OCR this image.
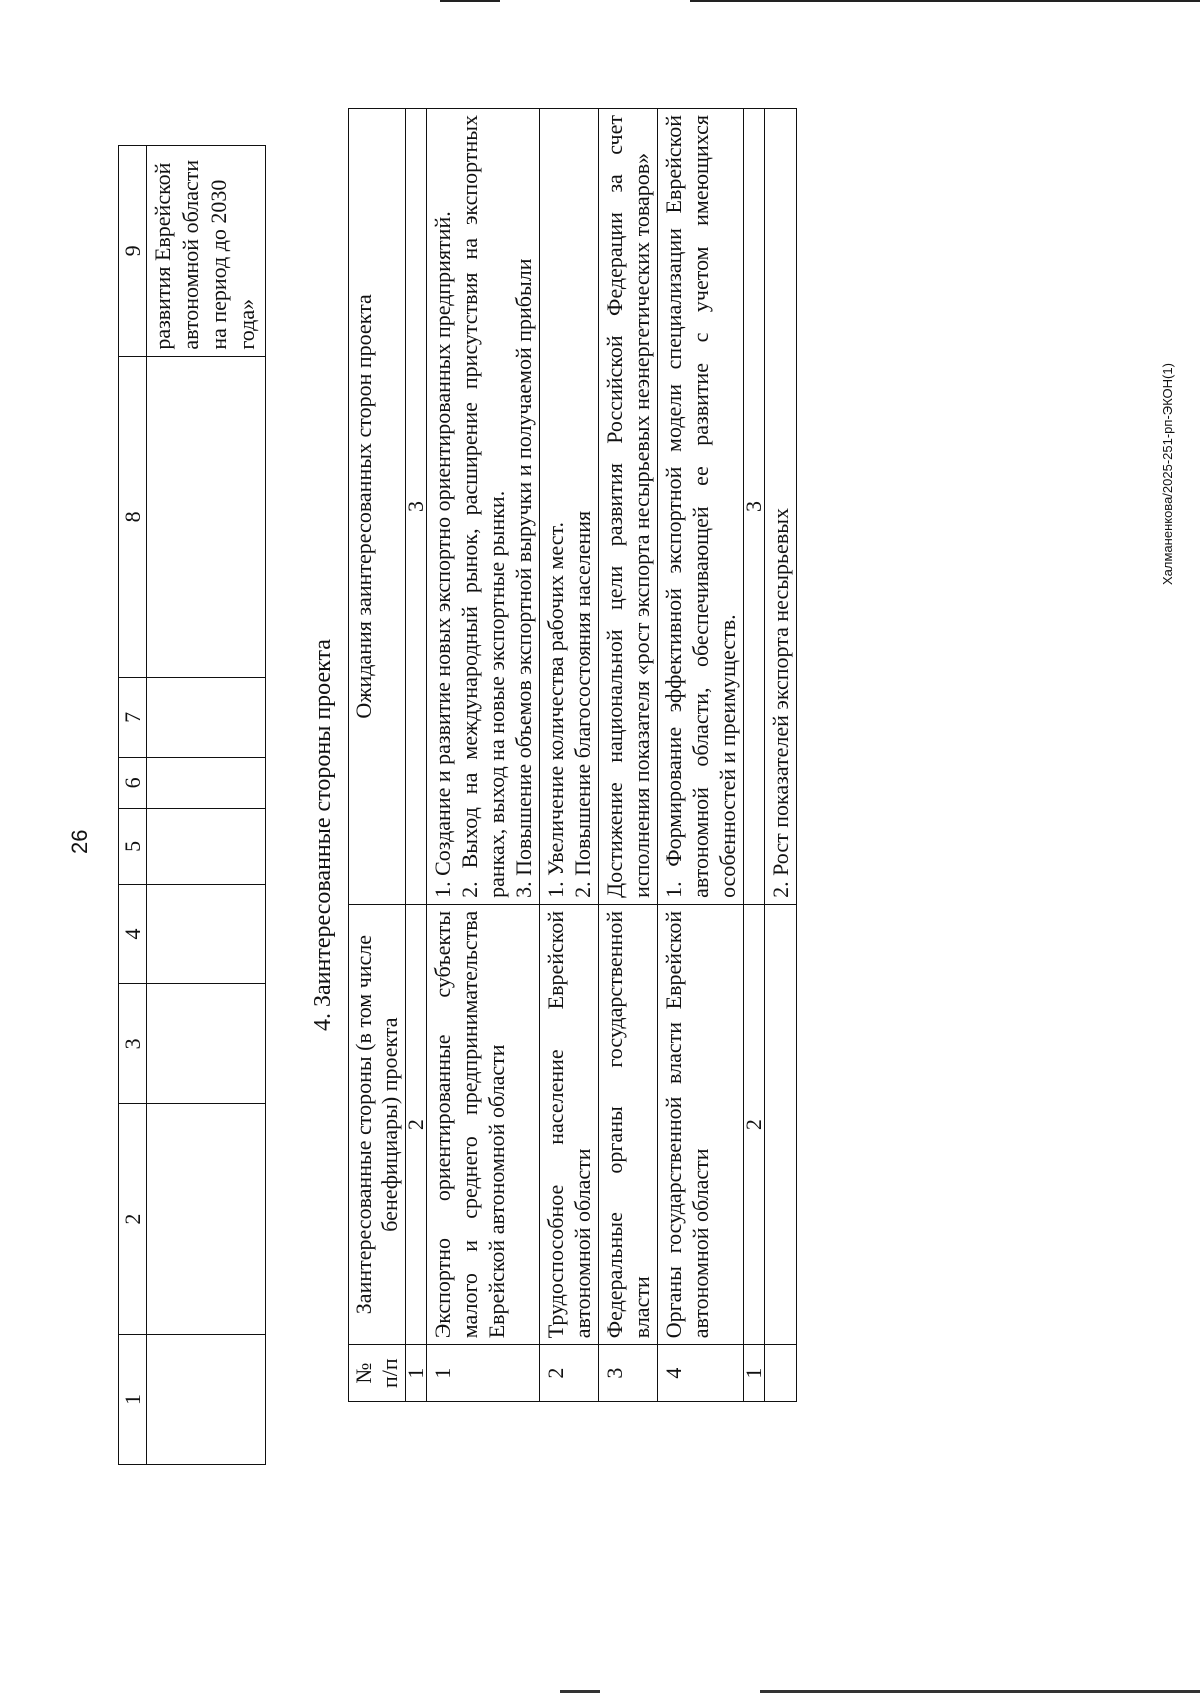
26
1	2	3	4	5	6	7	8	9
								развития Еврейской автономной области на период до 2030 года»
4. Заинтересованные стороны проекта
№ п/п	Заинтересованные стороны (в том числе бенефициары) проекта	Ожидания заинтересованных сторон проекта
1	2	3
1	Экспортно ориентированные субъекты малого и среднего предпринимательства Еврейской автономной области	1. Создание и развитие новых экспортно ориентированных предприятий.
2. Выход на международный рынок, расширение присутствия на экспортных ранках, выход на новые экспортные рынки.
3. Повышение объемов экспортной выручки и получаемой прибыли
2	Трудоспособное население Еврейской автономной области	1. Увеличение количества рабочих мест.
2. Повышение благосостояния населения
3	Федеральные органы государственной власти	Достижение национальной цели развития Российской Федерации за счет исполнения показателя «рост экспорта несырьевых неэнергетических товаров»
4	Органы государственной власти Еврейской автономной области	1. Формирование эффективной экспортной модели специализации Еврейской автономной области, обеспечивающей ее развитие с учетом имеющихся особенностей и преимуществ.
1	2	3
		2. Рост показателей экспорта несырьевых
Халманенкова/2025-251-рп-ЭКОН(1)
